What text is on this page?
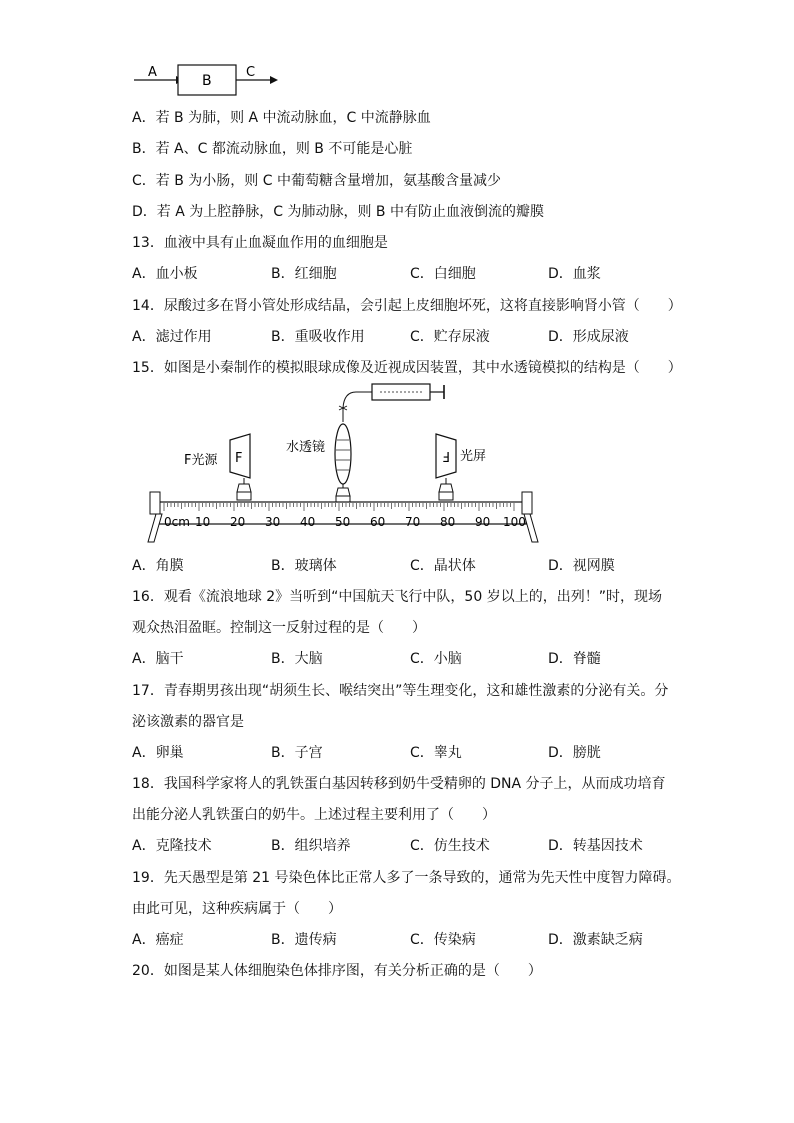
A
B
C
A．若 B 为肺，则 A 中流动脉血，C 中流静脉血
B．若 A、C 都流动脉血，则 B 不可能是心脏
C．若 B 为小肠，则 C 中葡萄糖含量增加，氨基酸含量减少
D．若 A 为上腔静脉，C 为肺动脉，则 B 中有防止血液倒流的瓣膜
13．血液中具有止血凝血作用的血细胞是
A．血小板	B．红细胞	C．白细胞	D．血浆
14．尿酸过多在肾小管处形成结晶，会引起上皮细胞坏死，这将直接影响肾小管（　　）
A．滤过作用	B．重吸收作用	C．贮存尿液	D．形成尿液
15．如图是小秦制作的模拟眼球成像及近视成因装置，其中水透镜模拟的结构是（　　）
F	F
F光源
水透镜
光屏
0cm 10 20 30 40 50 60 70 80 90 100
A．角膜	B．玻璃体	C．晶状体	D．视网膜
16．观看《流浪地球 2》当听到“中国航天飞行中队，50 岁以上的，出列！”时，现场
观众热泪盈眶。控制这一反射过程的是（　　）
A．脑干	B．大脑	C．小脑	D．脊髓
17．青春期男孩出现“胡须生长、喉结突出”等生理变化，这和雄性激素的分泌有关。分
泌该激素的器官是
A．卵巢	B．子宫	C．睾丸	D．膀胱
18．我国科学家将人的乳铁蛋白基因转移到奶牛受精卵的 DNA 分子上，从而成功培育
出能分泌人乳铁蛋白的奶牛。上述过程主要利用了（　　）
A．克隆技术	B．组织培养	C．仿生技术	D．转基因技术
19．先天愚型是第 21 号染色体比正常人多了一条导致的，通常为先天性中度智力障碍。
由此可见，这种疾病属于（　　）
A．癌症	B．遗传病	C．传染病	D．激素缺乏病
20．如图是某人体细胞染色体排序图，有关分析正确的是（　　）
